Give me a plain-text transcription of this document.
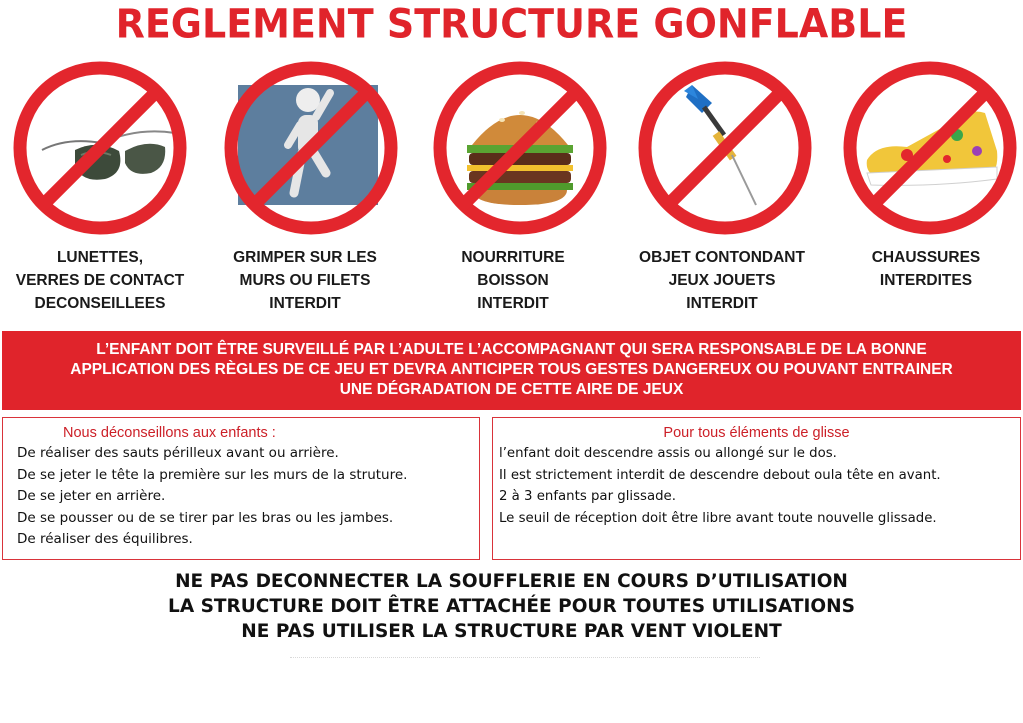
REGLEMENT STRUCTURE GONFLABLE
LUNETTES,
VERRES DE CONTACT
DECONSEILLEES
GRIMPER SUR LES
MURS OU FILETS
INTERDIT
NOURRITURE
BOISSON
INTERDIT
OBJET CONTONDANT
JEUX JOUETS
INTERDIT
CHAUSSURES
INTERDITES
L’ENFANT DOIT ÊTRE SURVEILLÉ PAR L’ADULTE L’ACCOMPAGNANT QUI SERA RESPONSABLE DE LA BONNE
APPLICATION DES RÈGLES DE CE JEU ET DEVRA ANTICIPER TOUS GESTES DANGEREUX OU POUVANT ENTRAINER
UNE DÉGRADATION DE CETTE AIRE DE JEUX
Nous déconseillons aux enfants :
De réaliser des sauts périlleux avant ou arrière.
De se jeter le tête la première sur les murs de la struture.
De se jeter en arrière.
De se pousser ou de se tirer par les bras ou les jambes.
De réaliser des équilibres.
Pour tous éléments de glisse
l’enfant doit descendre assis ou allongé sur le dos.
Il est strictement interdit de descendre debout oula tête en avant.
2 à 3 enfants par glissade.
Le seuil de réception doit être libre avant toute nouvelle glissade.
NE PAS DECONNECTER LA SOUFFLERIE EN COURS D’UTILISATION
LA STRUCTURE DOIT ÊTRE ATTACHÉE POUR TOUTES UTILISATIONS
NE PAS UTILISER LA STRUCTURE PAR VENT VIOLENT
